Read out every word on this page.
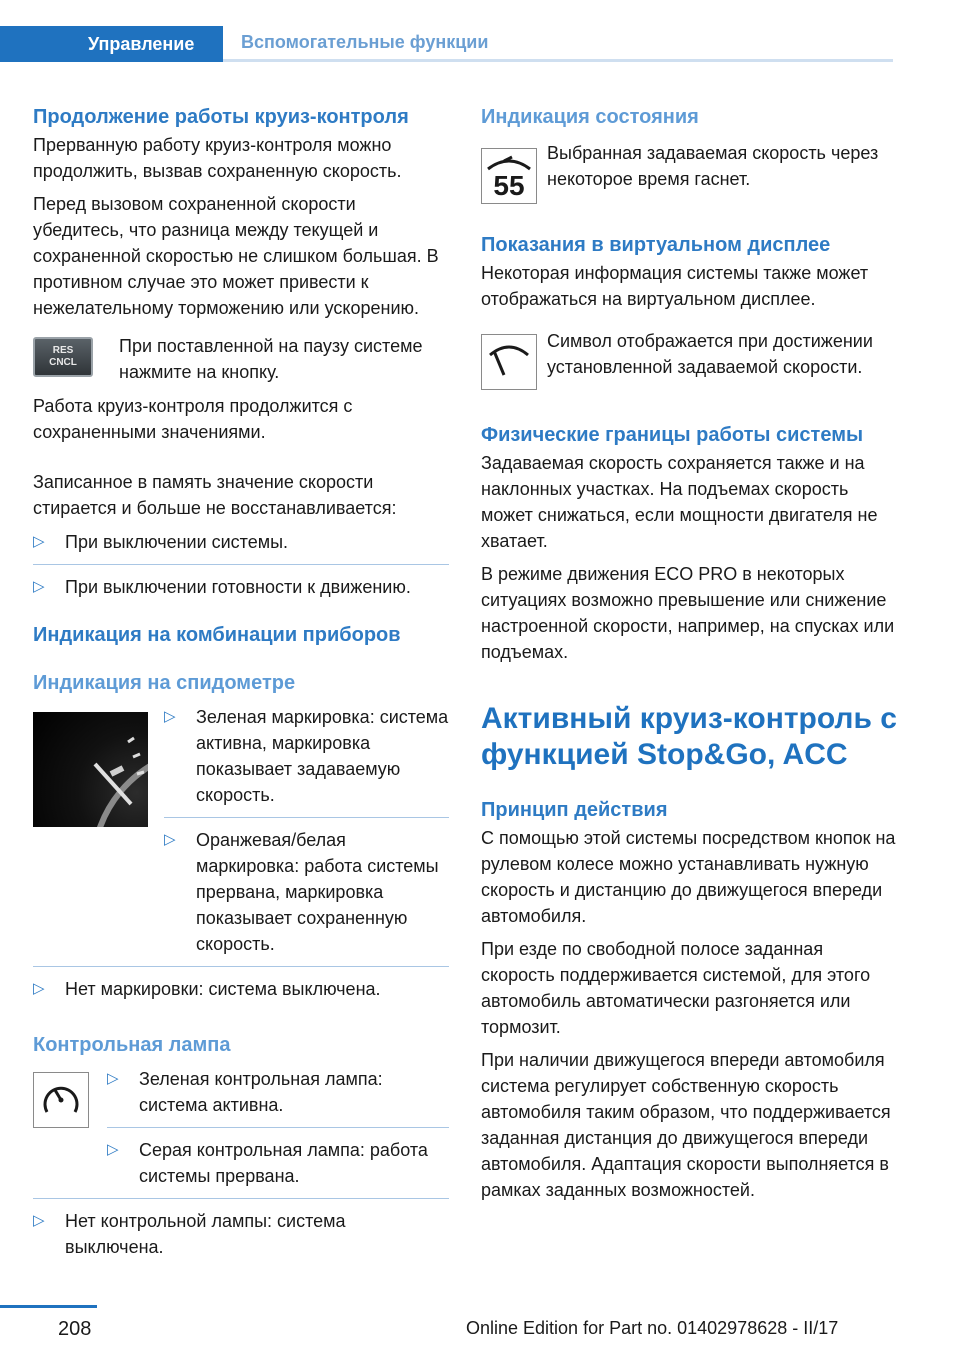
Управление	Вспомогательные функции
Продолжение работы круиз-контроля

Прерванную работу круиз-контроля можно продолжить, вызвав сохраненную скорость.

Перед вызовом сохраненной скорости убедитесь, что разница между текущей и сохраненной скоростью не слишком большая. В противном случае это может привести к нежелательному торможению или ускорению.

RES
CNCL

При поставленной на паузу системе нажмите на кнопку.

Работа круиз-контроля продолжится с сохраненными значениями.

Записанное в память значение скорости стирается и больше не восстанавливается:

▷ При выключении системы.
▷ При выключении готовности к движению.
Индикация на комбинации приборов
Индикация на спидометре
▷ Зеленая маркировка: система активна, маркировка показывает задаваемую скорость.
▷ Оранжевая/белая маркировка: работа системы прервана, маркировка показывает сохраненную скорость.
▷ Нет маркировки: система выключена.
Контрольная лампа
▷ Зеленая контрольная лампа: система активна.
▷ Серая контрольная лампа: работа системы прервана.
▷ Нет контрольной лампы: система выключена.
Индикация состояния
55

Выбранная задаваемая скорость через некоторое время гаснет.

Показания в виртуальном дисплее

Некоторая информация системы также может отображаться на виртуальном дисплее.

Символ отображается при достижении установленной задаваемой скорости.

Физические границы работы системы

Задаваемая скорость сохраняется также и на наклонных участках. На подъемах скорость может снижаться, если мощности двигателя не хватает.

В режиме движения ECO PRO в некоторых ситуациях возможно превышение или снижение настроенной скорости, например, на спусках или подъемах.

Активный круиз-контроль с функцией Stop&Go, ACC
Принцип действия

С помощью этой системы посредством кнопок на рулевом колесе можно устанавливать нужную скорость и дистанцию до движущегося впереди автомобиля.

При езде по свободной полосе заданная скорость поддерживается системой, для этого автомобиль автоматически разгоняется или тормозит.

При наличии движущегося впереди автомобиля система регулирует собственную скорость автомобиля таким образом, что поддерживается заданная дистанция до движущегося впереди автомобиля. Адаптация скорости выполняется в рамках заданных возможностей.

208	Online Edition for Part no. 01402978628 - II/17
